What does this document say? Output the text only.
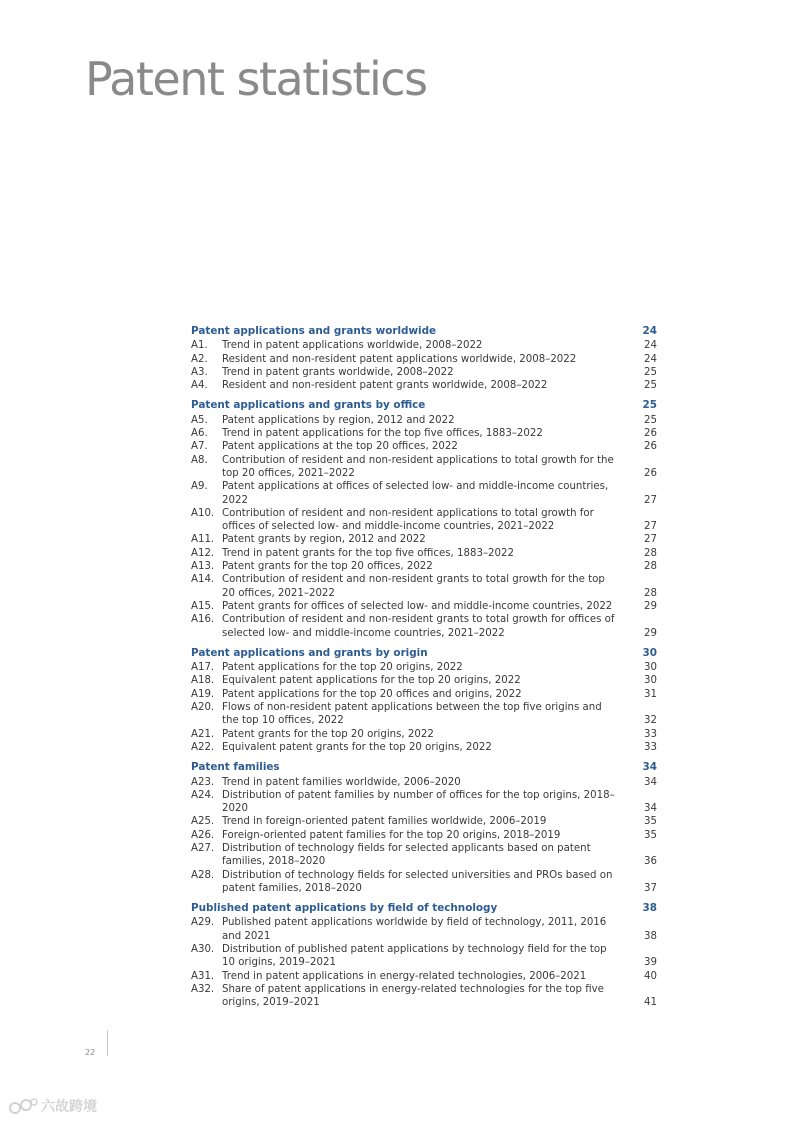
Patent statistics
Patent applications and grants worldwide	24
A1.	Trend in patent applications worldwide, 2008–2022	24
A2.	Resident and non-resident patent applications worldwide, 2008–2022	24
A3.	Trend in patent grants worldwide, 2008–2022	25
A4.	Resident and non-resident patent grants worldwide, 2008–2022	25
Patent applications and grants by office	25
A5.	Patent applications by region, 2012 and 2022	25
A6.	Trend in patent applications for the top five offices, 1883–2022	26
A7.	Patent applications at the top 20 offices, 2022	26
A8.	Contribution of resident and non-resident applications to total growth for the top 20 offices, 2021–2022	26
A9.	Patent applications at offices of selected low- and middle-income countries, 2022	27
A10. Contribution of resident and non-resident applications to total growth for offices of selected low- and middle-income countries, 2021–2022	27
A11. Patent grants by region, 2012 and 2022	27
A12. Trend in patent grants for the top five offices, 1883–2022	28
A13. Patent grants for the top 20 offices, 2022	28
A14. Contribution of resident and non-resident grants to total growth for the top 20 offices, 2021–2022	28
A15. Patent grants for offices of selected low- and middle-income countries, 2022	29
A16. Contribution of resident and non-resident grants to total growth for offices of selected low- and middle-income countries, 2021–2022	29
Patent applications and grants by origin	30
A17. Patent applications for the top 20 origins, 2022	30
A18. Equivalent patent applications for the top 20 origins, 2022	30
A19. Patent applications for the top 20 offices and origins, 2022	31
A20. Flows of non-resident patent applications between the top five origins and the top 10 offices, 2022	32
A21. Patent grants for the top 20 origins, 2022	33
A22. Equivalent patent grants for the top 20 origins, 2022	33
Patent families	34
A23. Trend in patent families worldwide, 2006–2020	34
A24. Distribution of patent families by number of offices for the top origins, 2018–2020	34
A25. Trend in foreign-oriented patent families worldwide, 2006–2019	35
A26. Foreign-oriented patent families for the top 20 origins, 2018–2019	35
A27. Distribution of technology fields for selected applicants based on patent families, 2018–2020	36
A28. Distribution of technology fields for selected universities and PROs based on patent families, 2018–2020	37
Published patent applications by field of technology	38
A29. Published patent applications worldwide by field of technology, 2011, 2016 and 2021	38
A30. Distribution of published patent applications by technology field for the top 10 origins, 2019–2021	39
A31. Trend in patent applications in energy-related technologies, 2006–2021	40
A32. Share of patent applications in energy-related technologies for the top five origins, 2019–2021	41
22
六故跨境
